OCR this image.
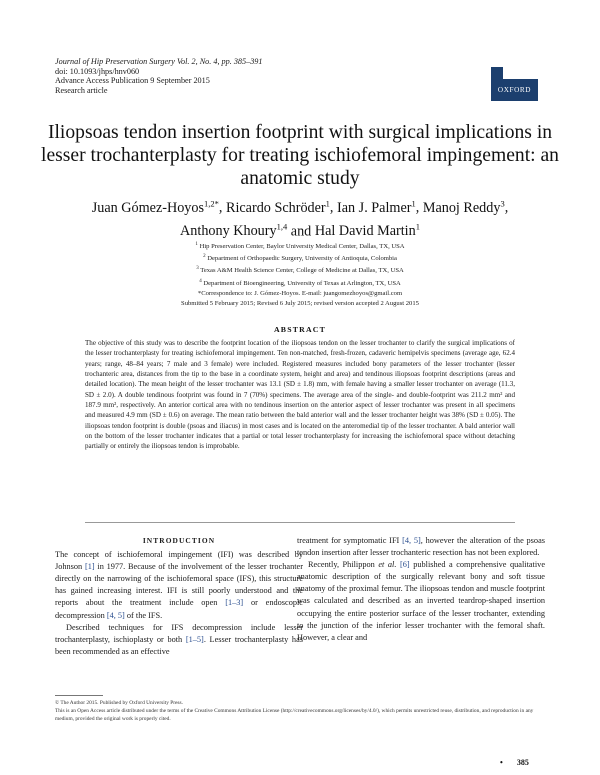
Journal of Hip Preservation Surgery Vol. 2, No. 4, pp. 385–391
doi: 10.1093/jhps/hnv060
Advance Access Publication 9 September 2015
Research article	OXFORD
Iliopsoas tendon insertion footprint with surgical implications in lesser trochanterplasty for treating ischiofemoral impingement: an anatomic study
Juan Gómez-Hoyos$^{1,2*}$, Ricardo Schröder$^1$, Ian J. Palmer$^1$, Manoj Reddy$^3$,
Anthony Khoury$^{1,4}$ and Hal David Martin$^1$
$^1$ Hip Preservation Center, Baylor University Medical Center, Dallas, TX, USA
$^2$ Department of Orthopaedic Surgery, University of Antioquia, Colombia
$^3$ Texas A&M Health Science Center, College of Medicine at Dallas, TX, USA
$^4$ Department of Bioengineering, University of Texas at Arlington, TX, USA
*Correspondence to: J. Gómez-Hoyos. E-mail: juangomezhoyos@gmail.com
Submitted 5 February 2015; Revised 6 July 2015; revised version accepted 2 August 2015
ABSTRACT
The objective of this study was to describe the footprint location of the iliopsoas tendon on the lesser trochanter to clarify the surgical implications of the lesser trochanterplasty for treating ischiofemoral impingement. Ten non-matched, fresh-frozen, cadaveric hemipelvis specimens (average age, 62.4 years; range, 48–84 years; 7 male and 3 female) were included. Registered measures included bony parameters of the lesser trochanter (lesser trochanteric area, distances from the tip to the base in a coordinate system, height and area) and tendinous iliopsoas footprint descriptions (areas and detailed location). The mean height of the lesser trochanter was 13.1 (SD ± 1.8) mm, with female having a smaller lesser trochanter on average (11.3, SD ± 2.0). A double tendinous footprint was found in 7 (70%) specimens. The average area of the single- and double-footprint was 211.2 mm² and 187.9 mm², respectively. An anterior cortical area with no tendinous insertion on the anterior aspect of lesser trochanter was present in all specimens and measured 4.9 mm (SD ± 0.6) on average. The mean ratio between the bald anterior wall and the lesser trochanter height was 38% (SD ± 0.05). The iliopsoas tendon footprint is double (psoas and iliacus) in most cases and is located on the anteromedial tip of the lesser trochanter. A bald anterior wall on the bottom of the lesser trochanter indicates that a partial or total lesser trochanterplasty for increasing the ischiofemoral space without detaching partially or entirely the iliopsoas tendon is improbable.

INTRODUCTION

The concept of ischiofemoral impingement (IFI) was described by Johnson [1] in 1977. Because of the involvement of the lesser trochanter directly on the narrowing of the ischiofemoral space (IFS), this structure has gained increasing interest. IFI is still poorly understood and the reports about the treatment include open [1–3] or endoscopic decompression [4, 5] of the IFS.

Described techniques for IFS decompression include lesser trochanterplasty, ischioplasty or both [1–5]. Lesser trochanterplasty has been recommended as an effective

treatment for symptomatic IFI [4, 5], however the alteration of the psoas tendon insertion after lesser trochanteric resection has not been explored.

Recently, Philippon et al. [6] published a comprehensive qualitative anatomic description of the surgically relevant bony and soft tissue anatomy of the proximal femur. The iliopsoas tendon and muscle footprint was calculated and described as an inverted teardrop-shaped insertion occupying the entire posterior surface of the lesser trochanter, extending to the junction of the inferior lesser trochanter with the femoral shaft. However, a clear and

© The Author 2015. Published by Oxford University Press.
This is an Open Access article distributed under the terms of the Creative Commons Attribution License (http://creativecommons.org/licenses/by/4.0/), which permits unrestricted reuse, distribution, and reproduction in any medium, provided the original work is properly cited.
• 385
